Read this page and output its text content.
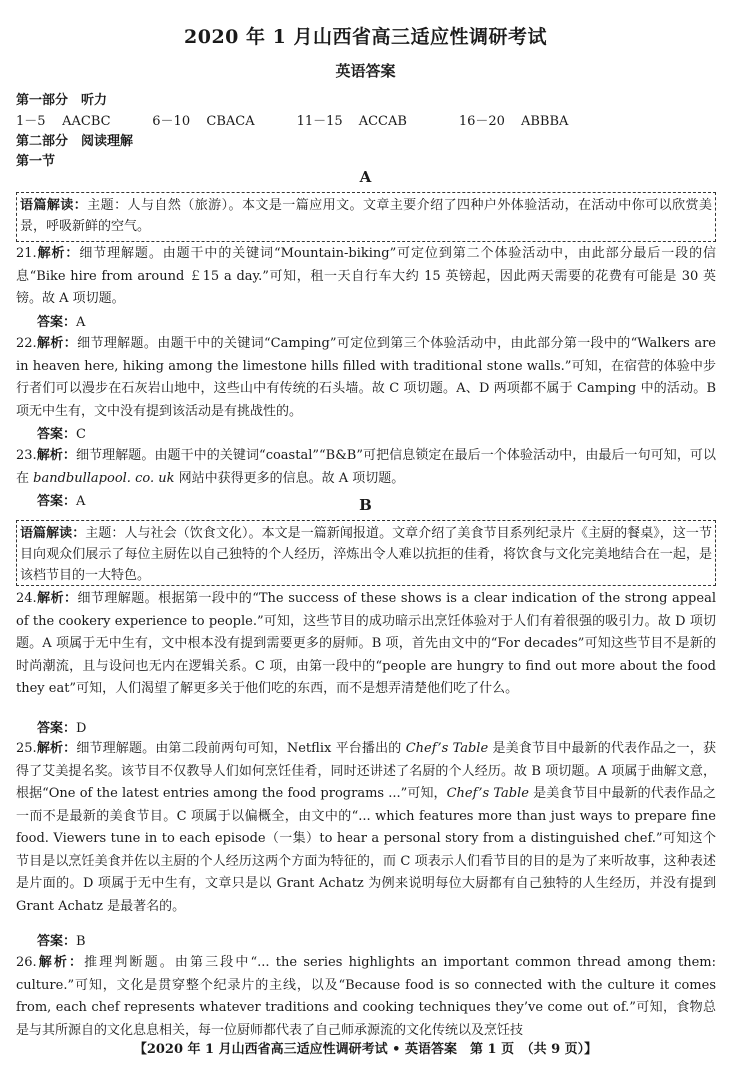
2020 年 1 月山西省高三适应性调研考试
英语答案
第一部分　听力
1－5 AACBC	6－10 CBACA	11－15 ACCAB	16－20 ABBBA
第二部分　阅读理解
第一节
A
语篇解读：主题：人与自然（旅游）。本文是一篇应用文。文章主要介绍了四种户外体验活动，在活动中你可以欣赏美景，呼吸新鲜的空气。
21.解析：细节理解题。由题干中的关键词“Mountain-biking”可定位到第二个体验活动中，由此部分最后一段的信息“Bike hire from around ￡15 a day.”可知，租一天自行车大约 15 英镑起，因此两天需要的花费有可能是 30 英镑。故 A 项切题。
答案：A
22.解析：细节理解题。由题干中的关键词“Camping”可定位到第三个体验活动中，由此部分第一段中的“Walkers are in heaven here, hiking among the limestone hills filled with traditional stone walls.”可知，在宿营的体验中步行者们可以漫步在石灰岩山地中，这些山中有传统的石头墙。故 C 项切题。A、D 两项都不属于 Camping 中的活动。B 项无中生有，文中没有提到该活动是有挑战性的。
答案：C
23.解析：细节理解题。由题干中的关键词“coastal”“B&B”可把信息锁定在最后一个体验活动中，由最后一句可知，可以在 bandbullapool. co. uk 网站中获得更多的信息。故 A 项切题。
答案：A	B
语篇解读：主题：人与社会（饮食文化）。本文是一篇新闻报道。文章介绍了美食节目系列纪录片《主厨的餐桌》，这一节目向观众们展示了每位主厨佐以自己独特的个人经历，淬炼出令人难以抗拒的佳肴，将饮食与文化完美地结合在一起，是该档节目的一大特色。
24.解析：细节理解题。根据第一段中的“The success of these shows is a clear indication of the strong appeal of the cookery experience to people.”可知，这些节目的成功暗示出烹饪体验对于人们有着很强的吸引力。故 D 项切题。A 项属于无中生有，文中根本没有提到需要更多的厨师。B 项，首先由文中的“For decades”可知这些节目不是新的时尚潮流，且与设问也无内在逻辑关系。C 项，由第一段中的“people are hungry to find out more about the food they eat”可知，人们渴望了解更多关于他们吃的东西，而不是想弄清楚他们吃了什么。
答案：D
25.解析：细节理解题。由第二段前两句可知，Netflix 平台播出的 Chef’s Table 是美食节目中最新的代表作品之一，获得了艾美提名奖。该节目不仅教导人们如何烹饪佳肴，同时还讲述了名厨的个人经历。故 B 项切题。A 项属于曲解文意，根据“One of the latest entries among the food programs ...”可知，Chef’s Table 是美食节目中最新的代表作品之一而不是最新的美食节目。C 项属于以偏概全，由文中的“... which features more than just ways to prepare fine food. Viewers tune in to each episode（一集）to hear a personal story from a distinguished chef.”可知这个节目是以烹饪美食并佐以主厨的个人经历这两个方面为特征的，而 C 项表示人们看节目的目的是为了来听故事，这种表述是片面的。D 项属于无中生有，文章只是以 Grant Achatz 为例来说明每位大厨都有自己独特的人生经历，并没有提到 Grant Achatz 是最著名的。
答案：B
26.解析：推理判断题。由第三段中“... the series highlights an important common thread among them: culture.”可知，文化是贯穿整个纪录片的主线，以及“Because food is so connected with the culture it comes from, each chef represents whatever traditions and cooking techniques they’ve come out of.”可知，食物总是与其所源自的文化息息相关，每一位厨师都代表了自己师承源流的文化传统以及烹饪技
【2020 年 1 月山西省高三适应性调研考试 • 英语答案　第 1 页　（共 9 页）】
